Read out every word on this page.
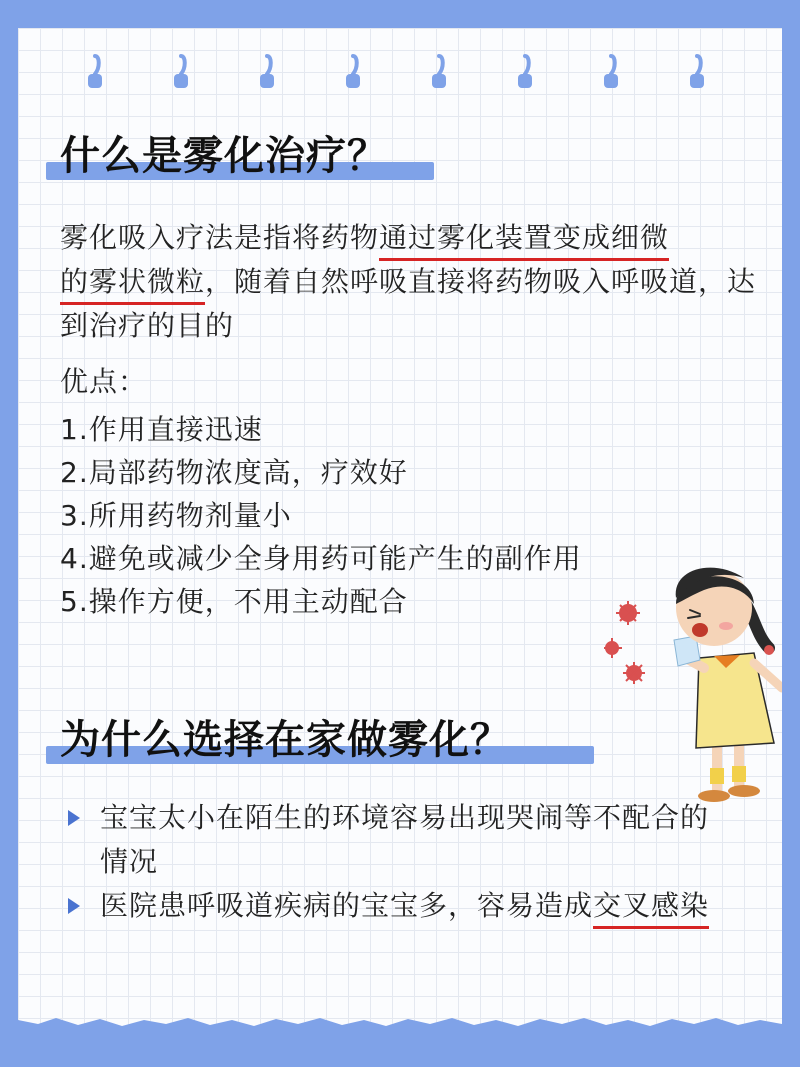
什么是雾化治疗？
雾化吸入疗法是指将药物通过雾化装置变成细微
的雾状微粒，随着自然呼吸直接将药物吸入呼吸道，达到治疗的目的
优点：
1.作用直接迅速
2.局部药物浓度高，疗效好
3.所用药物剂量小
4.避免或减少全身用药可能产生的副作用
5.操作方便，不用主动配合
为什么选择在家做雾化？
宝宝太小在陌生的环境容易出现哭闹等不配合的情况
医院患呼吸道疾病的宝宝多，容易造成交叉感染
